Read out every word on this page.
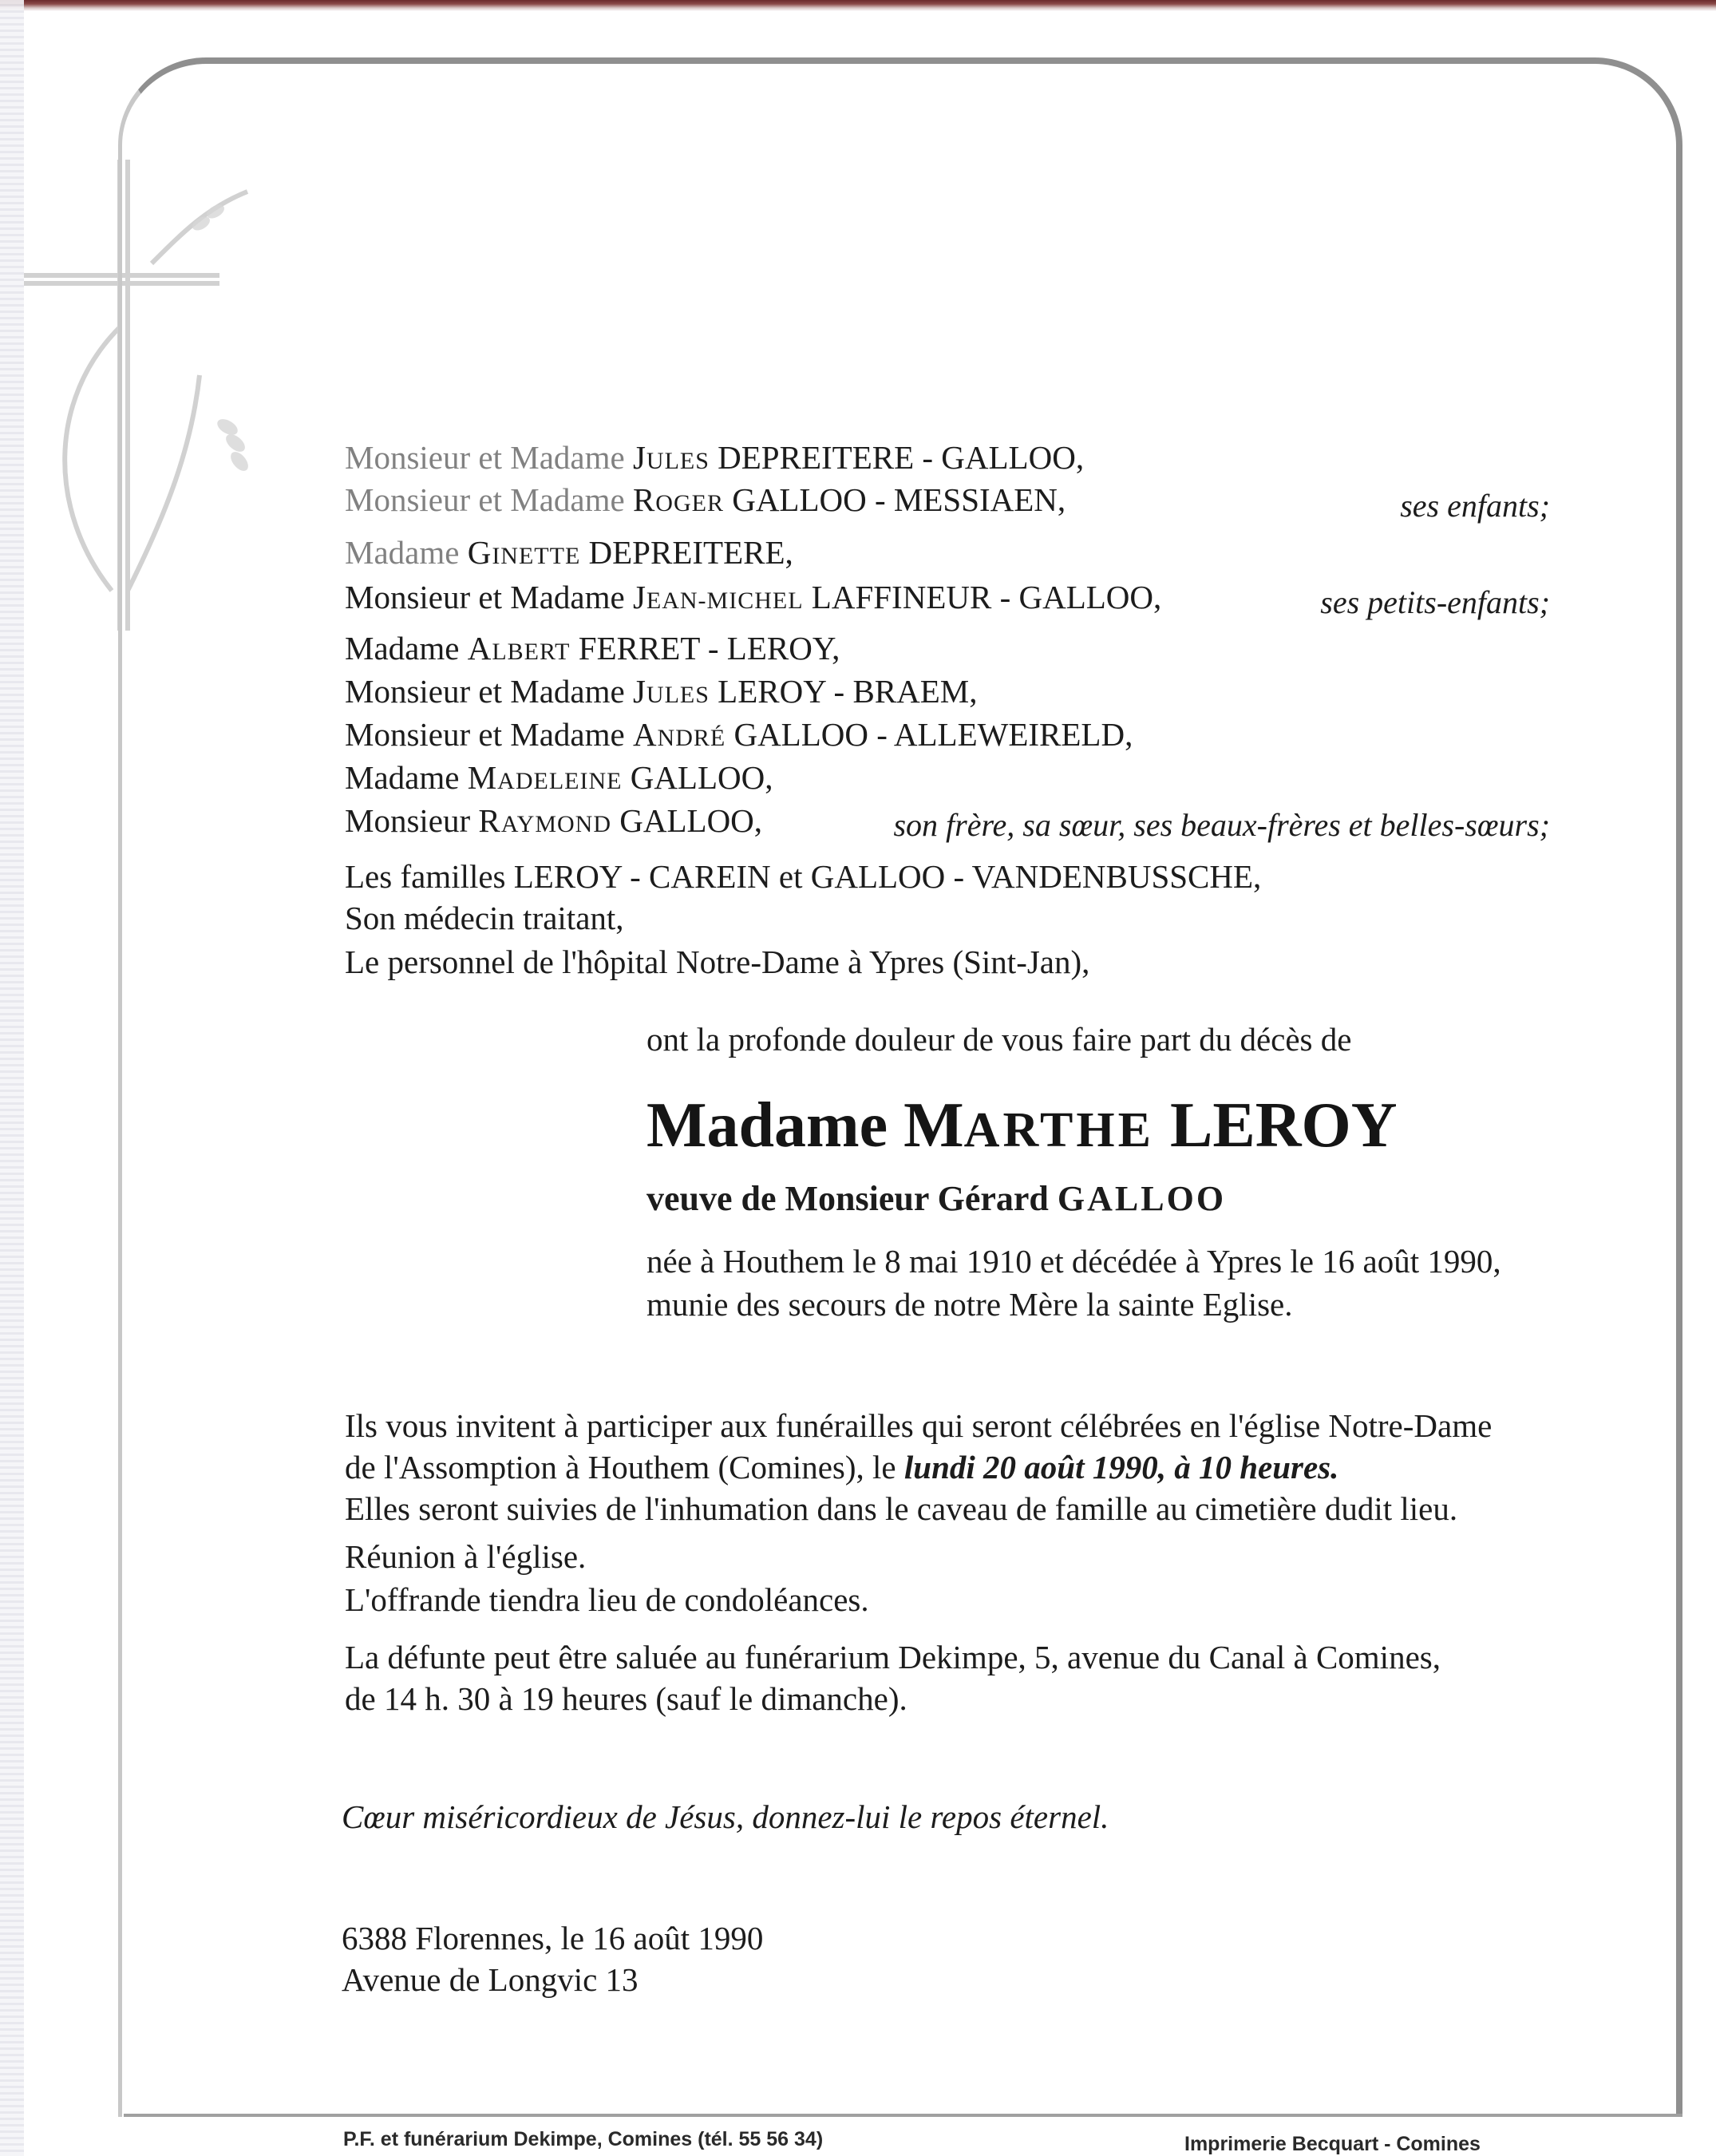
Monsieur et Madame JULES DEPREITERE - GALLOO,
Monsieur et Madame ROGER GALLOO - MESSIAEN,	ses enfants;
Madame GINETTE DEPREITERE,
Monsieur et Madame JEAN-MICHEL LAFFINEUR - GALLOO,	ses petits-enfants;
Madame ALBERT FERRET - LEROY,
Monsieur et Madame JULES LEROY - BRAEM,
Monsieur et Madame ANDRÉ GALLOO - ALLEWEIRELD,
Madame MADELEINE GALLOO,
Monsieur RAYMOND GALLOO,	son frère, sa sœur, ses beaux-frères et belles-sœurs;
Les familles LEROY - CAREIN et GALLOO - VANDENBUSSCHE,
Son médecin traitant,
Le personnel de l'hôpital Notre-Dame à Ypres (Sint-Jan),
ont la profonde douleur de vous faire part du décès de
Madame MARTHE LEROY
veuve de Monsieur Gérard GALLOO
née à Houthem le 8 mai 1910 et décédée à Ypres le 16 août 1990,
munie des secours de notre Mère la sainte Eglise.
Ils vous invitent à participer aux funérailles qui seront célébrées en l'église Notre-Dame
de l'Assomption à Houthem (Comines), le lundi 20 août 1990, à 10 heures.
Elles seront suivies de l'inhumation dans le caveau de famille au cimetière dudit lieu.
Réunion à l'église.
L'offrande tiendra lieu de condoléances.
La défunte peut être saluée au funérarium Dekimpe, 5, avenue du Canal à Comines,
de 14 h. 30 à 19 heures (sauf le dimanche).
Cœur miséricordieux de Jésus, donnez-lui le repos éternel.
6388 Florennes, le 16 août 1990
Avenue de Longvic 13
P.F. et funérarium Dekimpe, Comines (tél. 55 56 34)	Imprimerie Becquart - Comines
